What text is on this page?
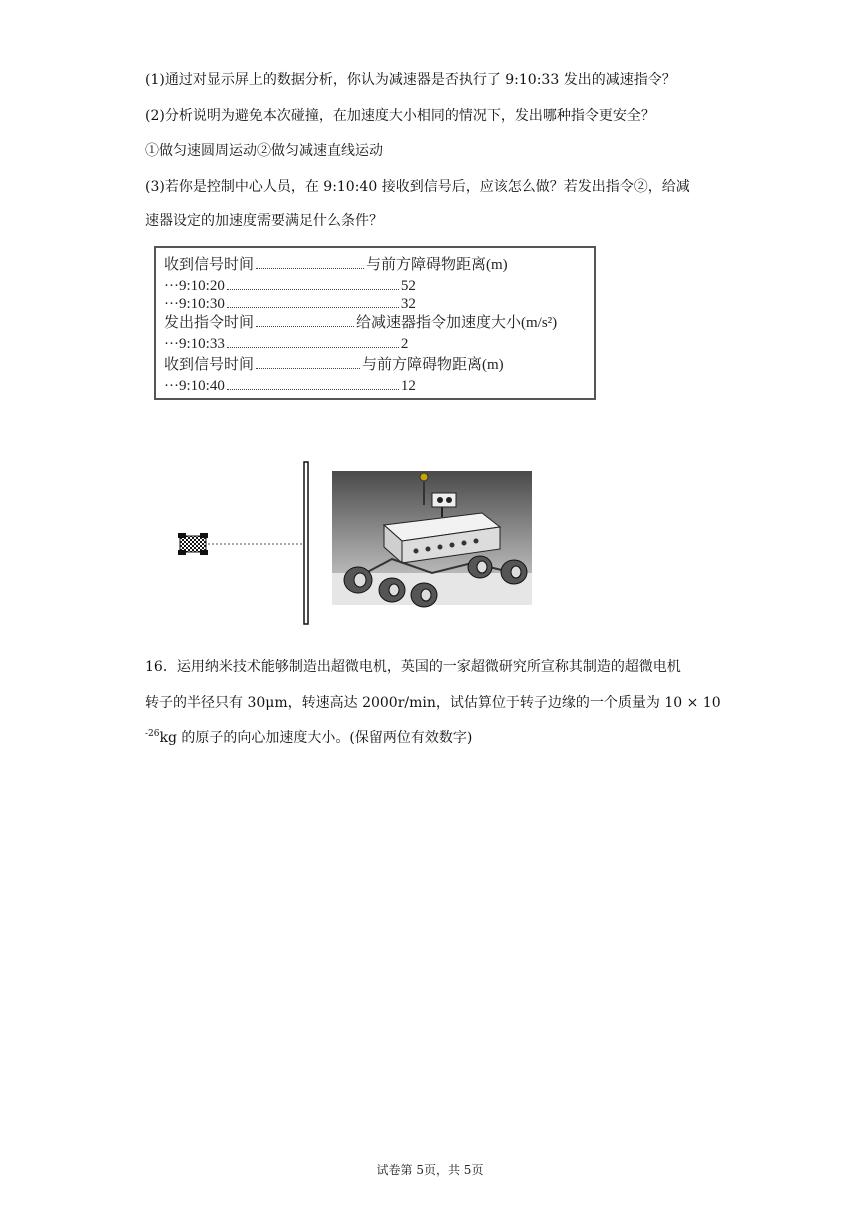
(1)通过对显示屏上的数据分析，你认为减速器是否执行了 9:10:33 发出的减速指令？
(2)分析说明为避免本次碰撞，在加速度大小相同的情况下，发出哪种指令更安全？
①做匀速圆周运动②做匀减速直线运动
(3)若你是控制中心人员，在 9:10:40 接收到信号后，应该怎么做？若发出指令②，给减
速器设定的加速度需要满足什么条件？
收到信号时间	与前方障碍物距离(m)
···9:10:20	52
···9:10:30	32
发出指令时间	给减速器指令加速度大小(m/s²)
···9:10:33	2
收到信号时间	与前方障碍物距离(m)
···9:10:40	12
16．运用纳米技术能够制造出超微电机，英国的一家超微研究所宣称其制造的超微电机
转子的半径只有 30μm，转速高达 2000r/min，试估算位于转子边缘的一个质量为 10 × 10
$^{-26}$kg 的原子的向心加速度大小。(保留两位有效数字)
试卷第 5页，共 5页
